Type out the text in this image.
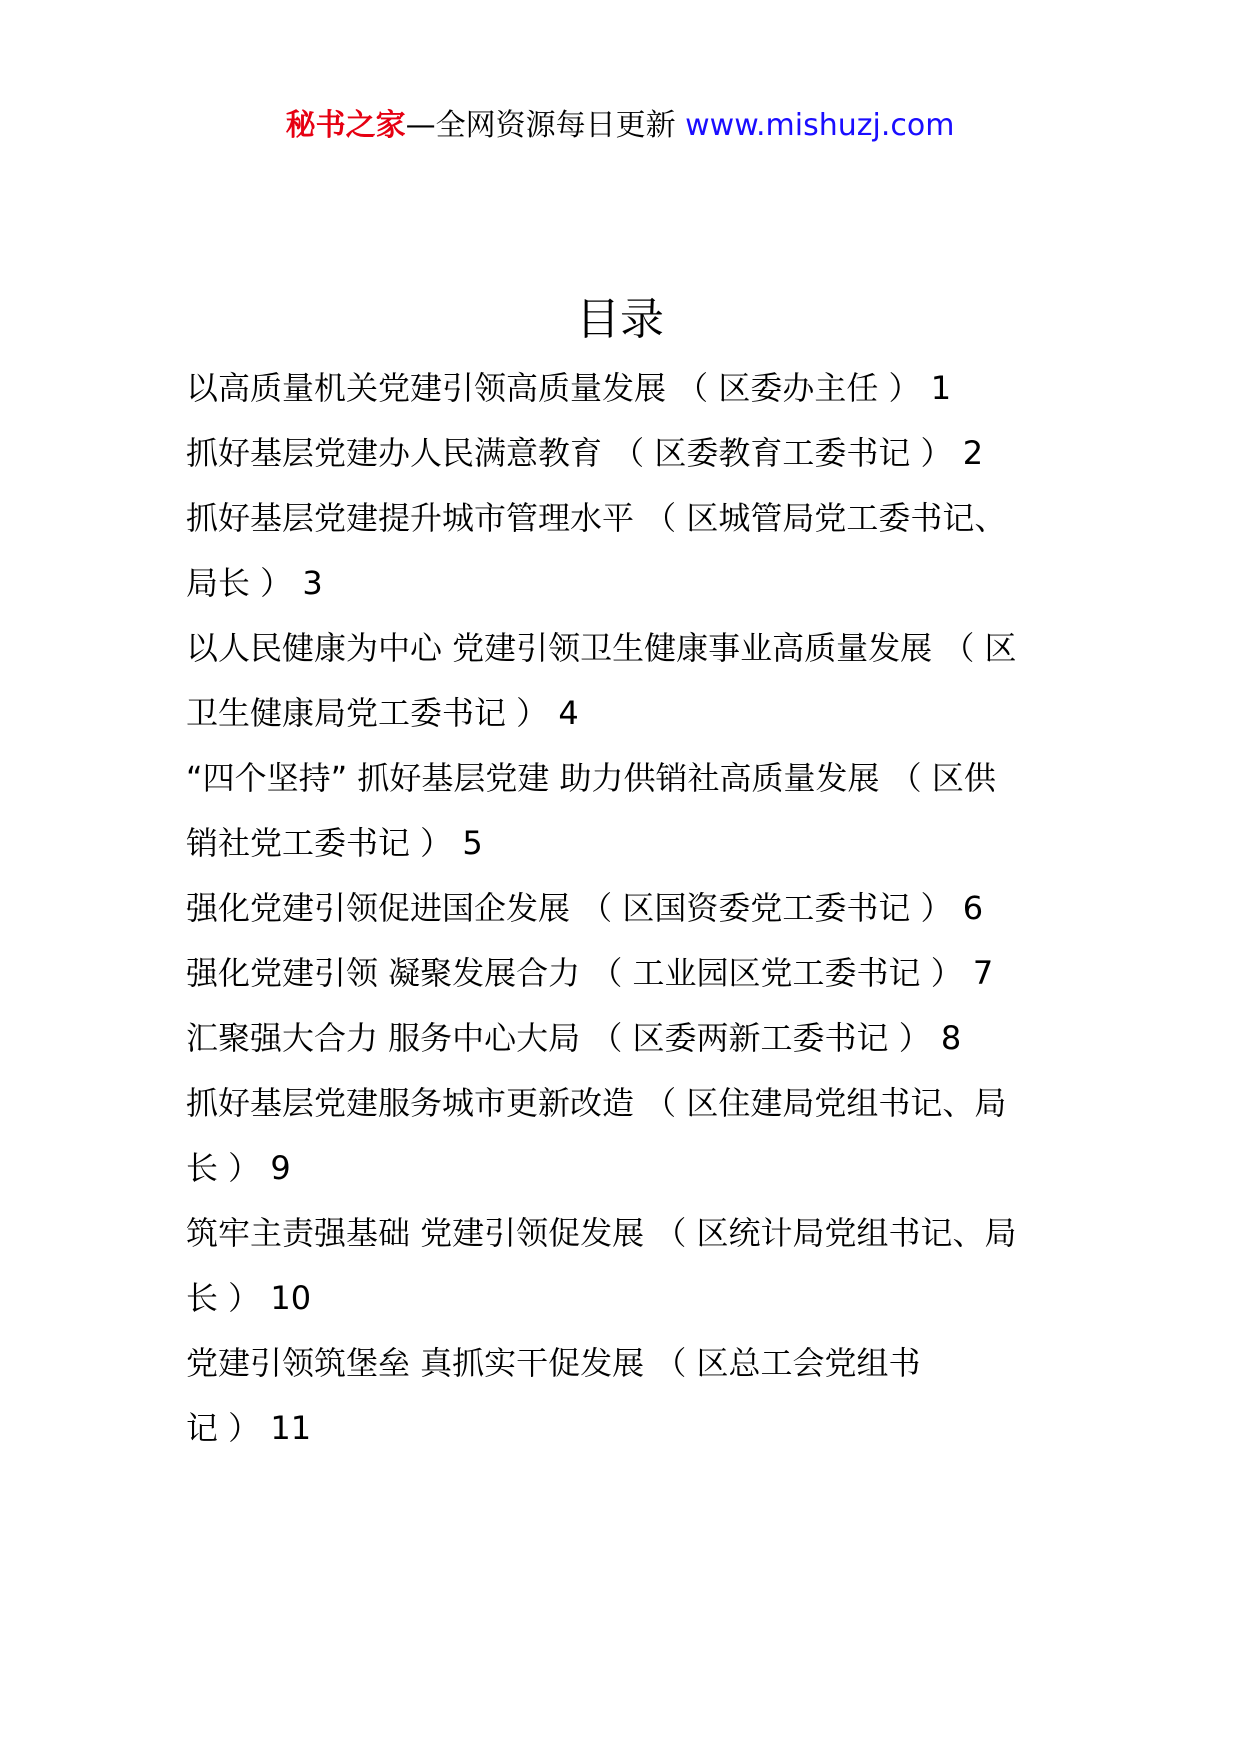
秘书之家—全网资源每日更新 www.mishuzj.com
目录
以高质量机关党建引领高质量发展 （ 区委办主任 ） 1
抓好基层党建办人民满意教育 （ 区委教育工委书记 ） 2
抓好基层党建提升城市管理水平 （ 区城管局党工委书记、
局长 ） 3
以人民健康为中心 党建引领卫生健康事业高质量发展 （ 区
卫生健康局党工委书记 ） 4
“四个坚持” 抓好基层党建 助力供销社高质量发展 （ 区供
销社党工委书记 ） 5
强化党建引领促进国企发展 （ 区国资委党工委书记 ） 6
强化党建引领 凝聚发展合力 （ 工业园区党工委书记 ） 7
汇聚强大合力 服务中心大局 （ 区委两新工委书记 ） 8
抓好基层党建服务城市更新改造 （ 区住建局党组书记、局
长 ） 9
筑牢主责强基础 党建引领促发展 （ 区统计局党组书记、局
长 ） 10
党建引领筑堡垒 真抓实干促发展 （ 区总工会党组书
记 ） 11
